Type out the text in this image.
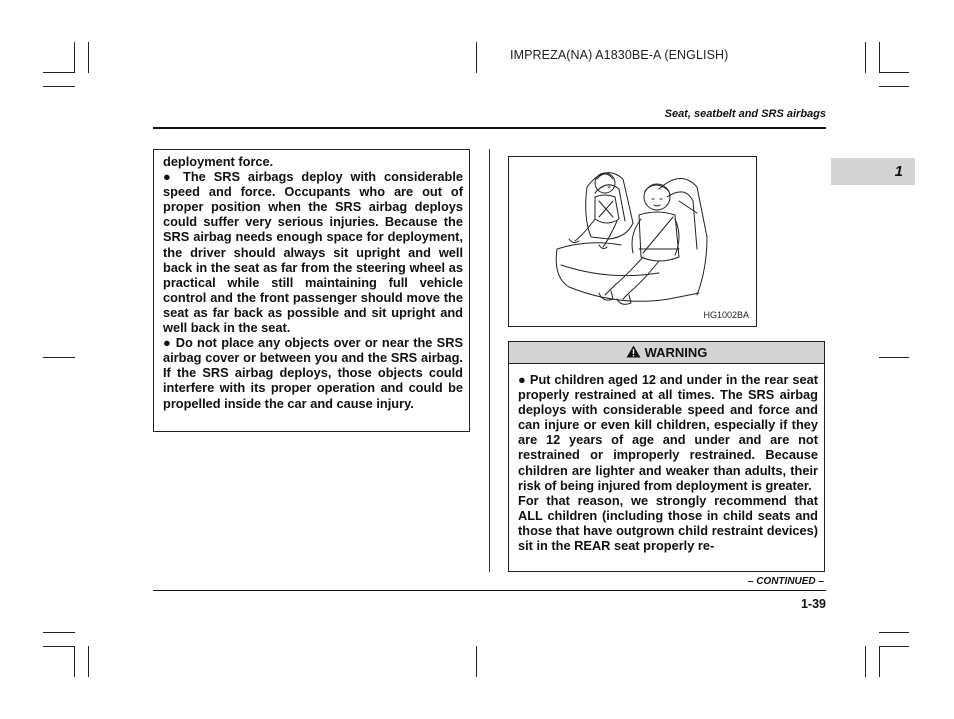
IMPREZA(NA) A1830BE-A (ENGLISH)
Seat, seatbelt and SRS airbags
1

deployment force.

● The SRS airbags deploy with considerable speed and force. Occupants who are out of proper position when the SRS airbag deploys could suffer very serious injuries. Because the SRS airbag needs enough space for deployment, the driver should always sit upright and well back in the seat as far from the steering wheel as practical while still maintaining full vehicle control and the front passenger should move the seat as far back as possible and sit upright and well back in the seat.

● Do not place any objects over or near the SRS airbag cover or between you and the SRS airbag. If the SRS airbag deploys, those objects could interfere with its proper operation and could be propelled inside the car and cause injury.

HG1002BA
WARNING

● Put children aged 12 and under in the rear seat properly restrained at all times. The SRS airbag deploys with considerable speed and force and can injure or even kill children, especially if they are 12 years of age and under and are not restrained or improperly restrained. Because children are lighter and weaker than adults, their risk of being injured from deployment is greater.

For that reason, we strongly recommend that ALL children (including those in child seats and those that have outgrown child restraint devices) sit in the REAR seat properly re-

– CONTINUED –
1-39
